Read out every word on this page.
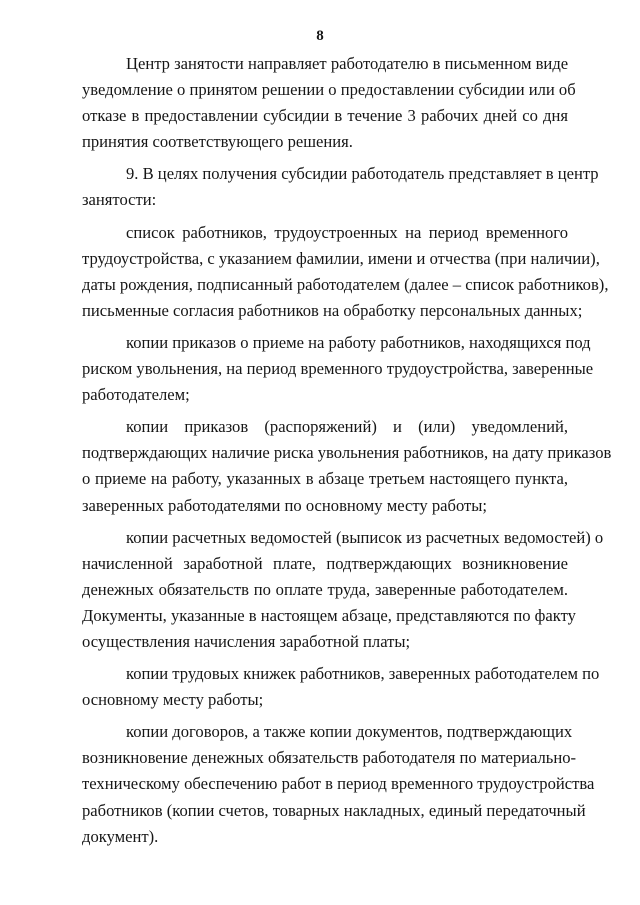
8
Центр занятости направляет работодателю в письменном виде
уведомление о принятом решении о предоставлении субсидии или об
отказе в предоставлении субсидии в течение 3 рабочих дней со дня
принятия соответствующего решения.
9. В целях получения субсидии работодатель представляет в центр
занятости:
список работников, трудоустроенных на период временного
трудоустройства, с указанием фамилии, имени и отчества (при наличии),
даты рождения, подписанный работодателем (далее – список работников),
письменные согласия работников на обработку персональных данных;
копии приказов о приеме на работу работников, находящихся под
риском увольнения, на период временного трудоустройства, заверенные
работодателем;
копии приказов (распоряжений) и (или) уведомлений,
подтверждающих наличие риска увольнения работников, на дату приказов
о приеме на работу, указанных в абзаце третьем настоящего пункта,
заверенных работодателями по основному месту работы;
копии расчетных ведомостей (выписок из расчетных ведомостей) о
начисленной заработной плате, подтверждающих возникновение
денежных обязательств по оплате труда, заверенные работодателем.
Документы, указанные в настоящем абзаце, представляются по факту
осуществления начисления заработной платы;
копии трудовых книжек работников, заверенных работодателем по
основному месту работы;
копии договоров, а также копии документов, подтверждающих
возникновение денежных обязательств работодателя по материально-
техническому обеспечению работ в период временного трудоустройства
работников (копии счетов, товарных накладных, единый передаточный
документ).
